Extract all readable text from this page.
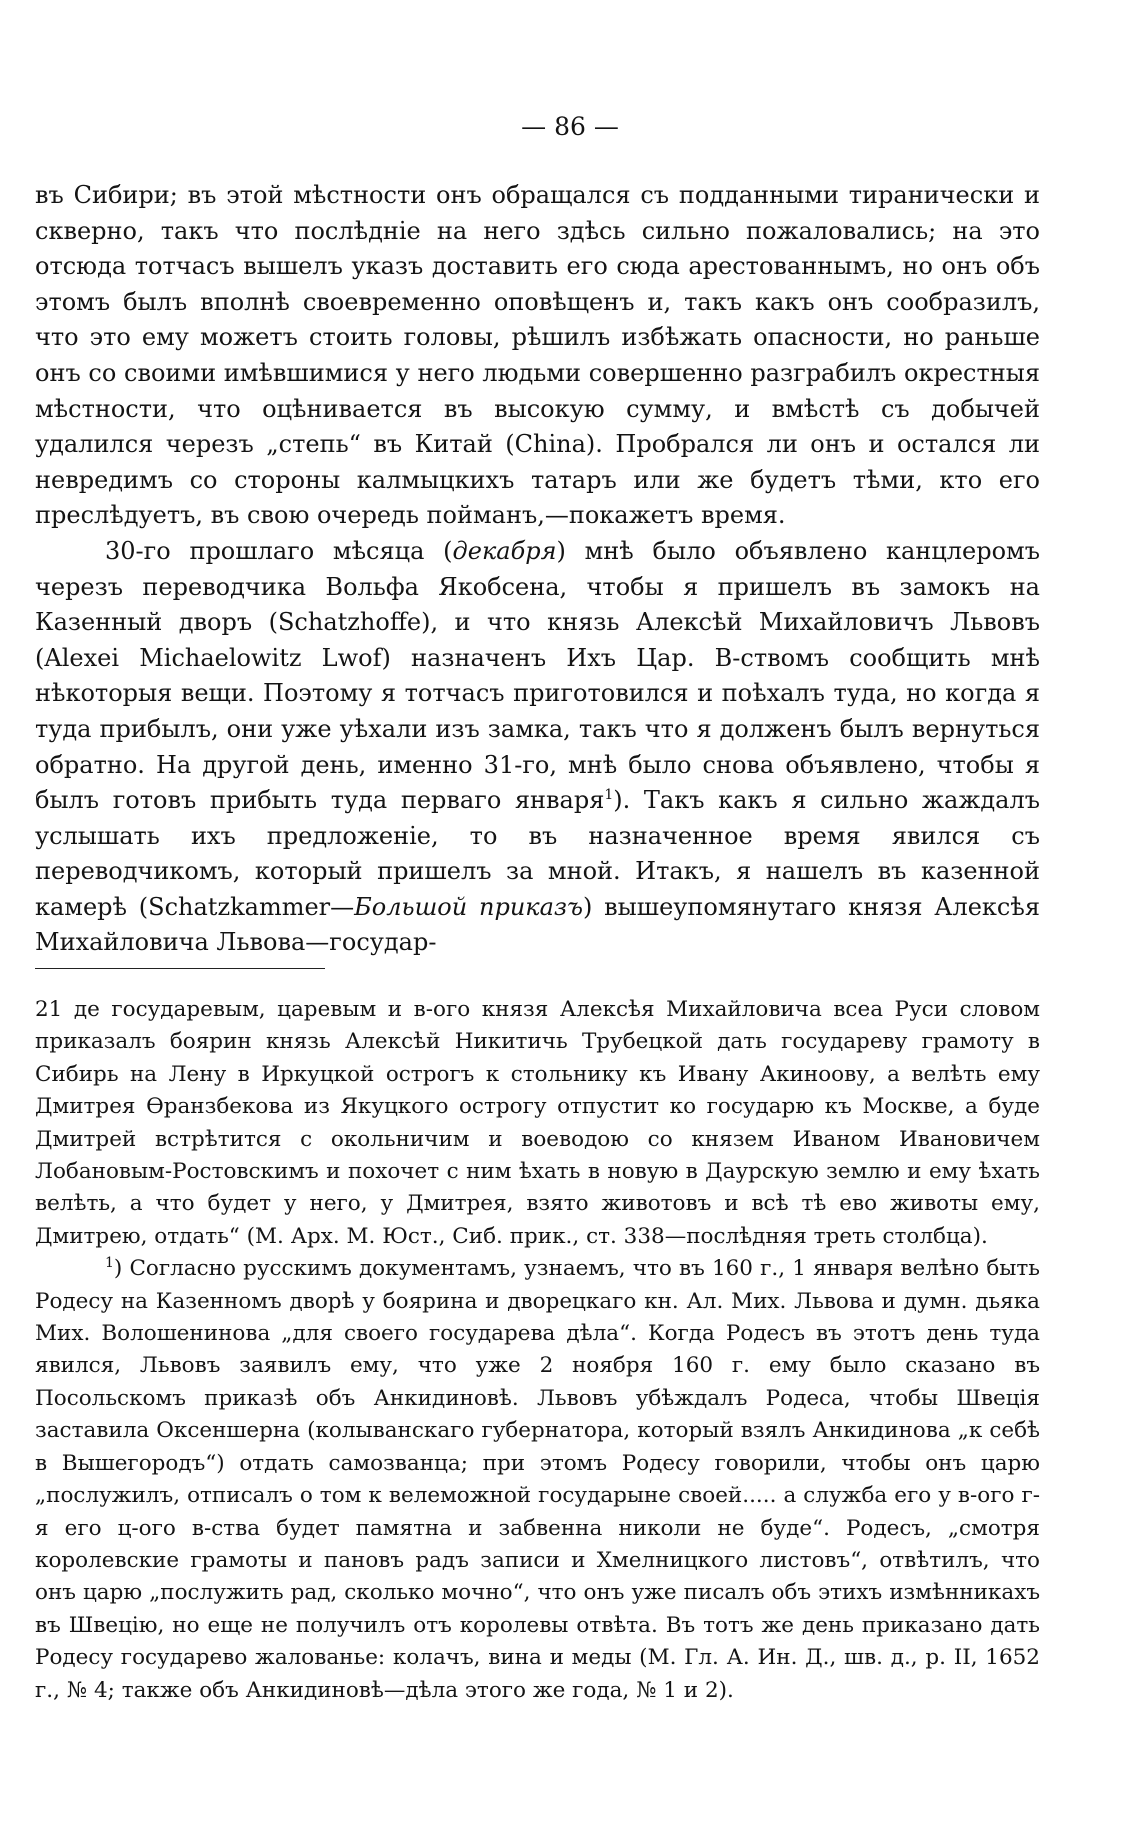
— 86 —

въ Сибири; въ этой мѣстности онъ обращался съ подданными тиранически и скверно, такъ что послѣдніе на него здѣсь сильно пожаловались; на это отсюда тотчасъ вышелъ указъ доставить его сюда арестованнымъ, но онъ объ этомъ былъ вполнѣ своевременно оповѣщенъ и, такъ какъ онъ сообразилъ, что это ему можетъ стоить головы, рѣшилъ избѣжать опасности, но раньше онъ со своими имѣвшимися у него людьми совершенно разграбилъ окрестныя мѣстности, что оцѣнивается въ высокую сумму, и вмѣстѣ съ добычей удалился черезъ „степь“ въ Китай (China). Пробрался ли онъ и остался ли невредимъ со стороны калмыцкихъ татаръ или же будетъ тѣми, кто его преслѣдуетъ, въ свою очередь пойманъ,—покажетъ время.

30-го прошлаго мѣсяца (декабря) мнѣ было объявлено канцлеромъ черезъ переводчика Вольфа Якобсена, чтобы я пришелъ въ замокъ на Казенный дворъ (Schatzhoffe), и что князь Алексѣй Михайловичъ Львовъ (Alexei Michaelowitz Lwof) назначенъ Ихъ Цар. В-ствомъ сообщить мнѣ нѣкоторыя вещи. Поэтому я тотчасъ приготовился и поѣхалъ туда, но когда я туда прибылъ, они уже уѣхали изъ замка, такъ что я долженъ былъ вернуться обратно. На другой день, именно 31-го, мнѣ было снова объявлено, чтобы я былъ готовъ прибыть туда перваго января$^1$). Такъ какъ я сильно жаждалъ услышать ихъ предложеніе, то въ назначенное время явился съ переводчикомъ, который пришелъ за мной. Итакъ, я нашелъ въ казенной камерѣ (Schatzkammer—Большой приказъ) вышеупомянутаго князя Алексѣя Михайловича Львова—государ-

21 де государевым, царевым и в-ого князя Алексѣя Михайловича всеа Руси словом приказалъ боярин князь Алексѣй Никитичь Трубецкой дать государеву грамоту в Сибирь на Лену в Иркуцкой острогъ к стольнику къ Ивану Акиноову, а велѣть ему Дмитрея Ѳранзбекова из Якуцкого острогу отпустит ко государю къ Москве, а буде Дмитрей встрѣтится с окольничим и воеводою со князем Иваном Ивановичем Лобановым-Ростовскимъ и похочет с ним ѣхать в новую в Даурскую землю и ему ѣхать велѣть, а что будет у него, у Дмитрея, взято животовъ и всѣ тѣ ево животы ему, Дмитрею, отдать“ (М. Арх. М. Юст., Сиб. прик., ст. 338—послѣдняя треть столбца).

$^1$) Согласно русскимъ документамъ, узнаемъ, что въ 160 г., 1 января велѣно быть Родесу на Казенномъ дворѣ у боярина и дворецкаго кн. Ал. Мих. Львова и думн. дьяка Мих. Волошенинова „для своего государева дѣла“. Когда Родесъ въ этотъ день туда явился, Львовъ заявилъ ему, что уже 2 ноября 160 г. ему было сказано въ Посольскомъ приказѣ объ Анкидиновѣ. Львовъ убѣждалъ Родеса, чтобы Швеція заставила Оксеншерна (колыванскаго губернатора, который взялъ Анкидинова „к себѣ в Вышегородъ“) отдать самозванца; при этомъ Родесу говорили, чтобы онъ царю „послужилъ, отписалъ о том к велеможной государыне своей..... а служба его у в-ого г-я его ц-ого в-ства будет памятна и забвенна николи не буде“. Родесъ, „смотря королевские грамоты и пановъ радъ записи и Хмелницкого листовъ“, отвѣтилъ, что онъ царю „послужить рад, сколько мочно“, что онъ уже писалъ объ этихъ измѣнникахъ въ Швецію, но еще не получилъ отъ королевы отвѣта. Въ тотъ же день приказано дать Родесу государево жалованье: колачъ, вина и меды (М. Гл. А. Ин. Д., шв. д., р. II, 1652 г., № 4; также объ Анкидиновѣ—дѣла этого же года, № 1 и 2).
